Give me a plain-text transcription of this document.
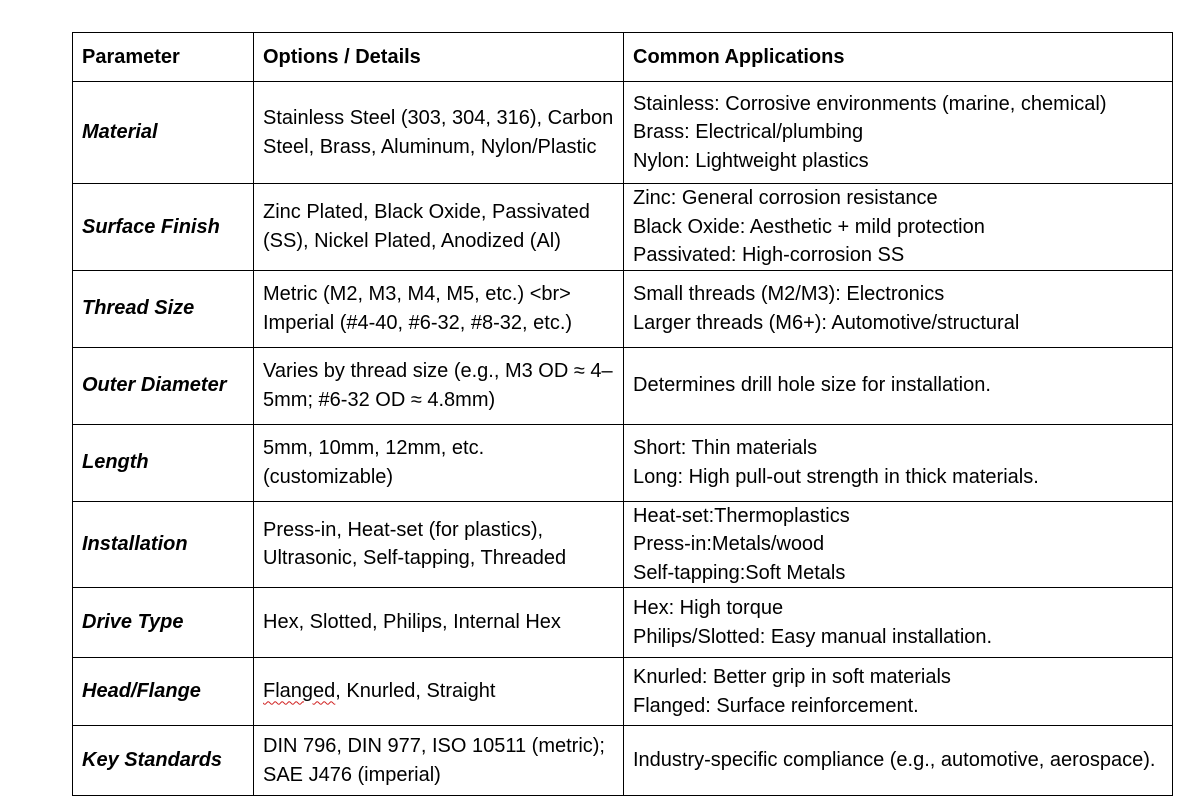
Parameter	Options / Details	Common Applications
Material	Stainless Steel (303, 304, 316), Carbon Steel, Brass, Aluminum, Nylon/Plastic	Stainless: Corrosive environments (marine, chemical)
Brass: Electrical/plumbing
Nylon: Lightweight plastics

Surface Finish	Zinc Plated, Black Oxide, Passivated (SS), Nickel Plated, Anodized (Al)	Zinc: General corrosion resistance
Black Oxide: Aesthetic + mild protection
Passivated: High-corrosion SS

Thread Size	Metric (M2, M3, M4, M5, etc.) <br> Imperial (#4-40, #6-32, #8-32, etc.)	Small threads (M2/M3): Electronics
Larger threads (M6+): Automotive/structural

Outer Diameter	Varies by thread size (e.g., M3 OD ≈ 4–5mm; #6-32 OD ≈ 4.8mm)	Determines drill hole size for installation.

Length	5mm, 10mm, 12mm, etc. (customizable)	Short: Thin materials
Long: High pull-out strength in thick materials.

Installation	Press-in, Heat-set (for plastics), Ultrasonic, Self-tapping, Threaded	Heat-set:Thermoplastics
Press-in:Metals/wood
Self-tapping:Soft Metals

Drive Type	Hex, Slotted, Philips, Internal Hex	Hex: High torque
Philips/Slotted: Easy manual installation.

Head/Flange	Flanged, Knurled, Straight	Knurled: Better grip in soft materials
Flanged: Surface reinforcement.

Key Standards	DIN 796, DIN 977, ISO 10511 (metric); SAE J476 (imperial)	Industry-specific compliance (e.g., automotive, aerospace).
